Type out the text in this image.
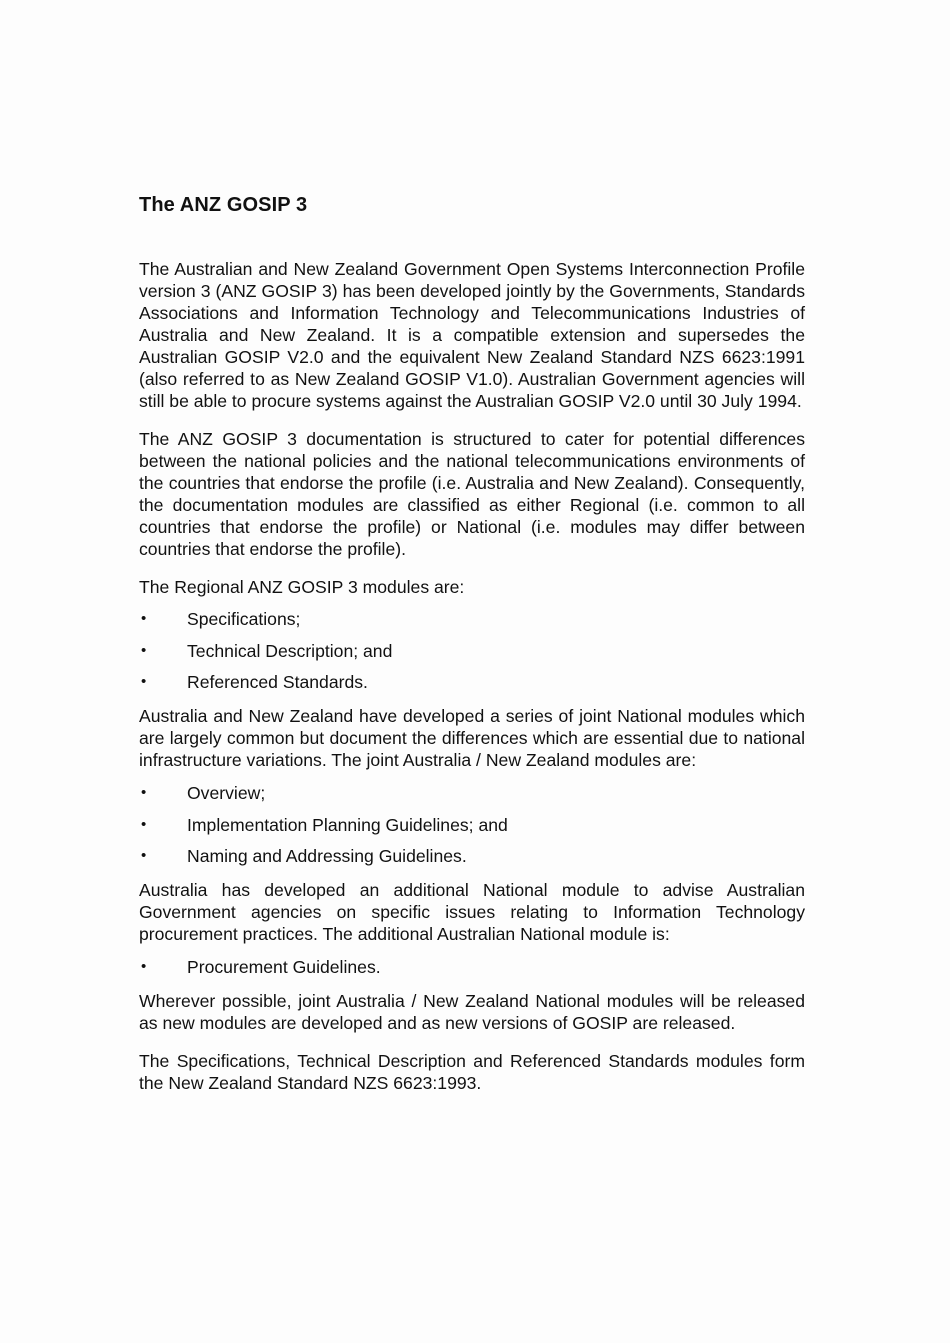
The ANZ GOSIP 3

The Australian and New Zealand Government Open Systems Interconnection Profile version 3 (ANZ GOSIP 3) has been developed jointly by the Governments, Standards Associations and Information Technology and Telecommunications Industries of Australia and New Zealand. It is a compatible extension and supersedes the Australian GOSIP V2.0 and the equivalent New Zealand Standard NZS 6623:1991 (also referred to as New Zealand GOSIP V1.0). Australian Government agencies will still be able to procure systems against the Australian GOSIP V2.0 until 30 July 1994.

The ANZ GOSIP 3 documentation is structured to cater for potential differences between the national policies and the national telecommunications environments of the countries that endorse the profile (i.e. Australia and New Zealand). Consequently, the documentation modules are classified as either Regional (i.e. common to all countries that endorse the profile) or National (i.e. modules may differ between countries that endorse the profile).

The Regional ANZ GOSIP 3 modules are:

• Specifications;
• Technical Description; and
• Referenced Standards.

Australia and New Zealand have developed a series of joint National modules which are largely common but document the differences which are essential due to national infrastructure variations. The joint Australia / New Zealand modules are:

• Overview;
• Implementation Planning Guidelines; and
• Naming and Addressing Guidelines.

Australia has developed an additional National module to advise Australian Government agencies on specific issues relating to Information Technology procurement practices. The additional Australian National module is:

• Procurement Guidelines.

Wherever possible, joint Australia / New Zealand National modules will be released as new modules are developed and as new versions of GOSIP are released.

The Specifications, Technical Description and Referenced Standards modules form the New Zealand Standard NZS 6623:1993.
